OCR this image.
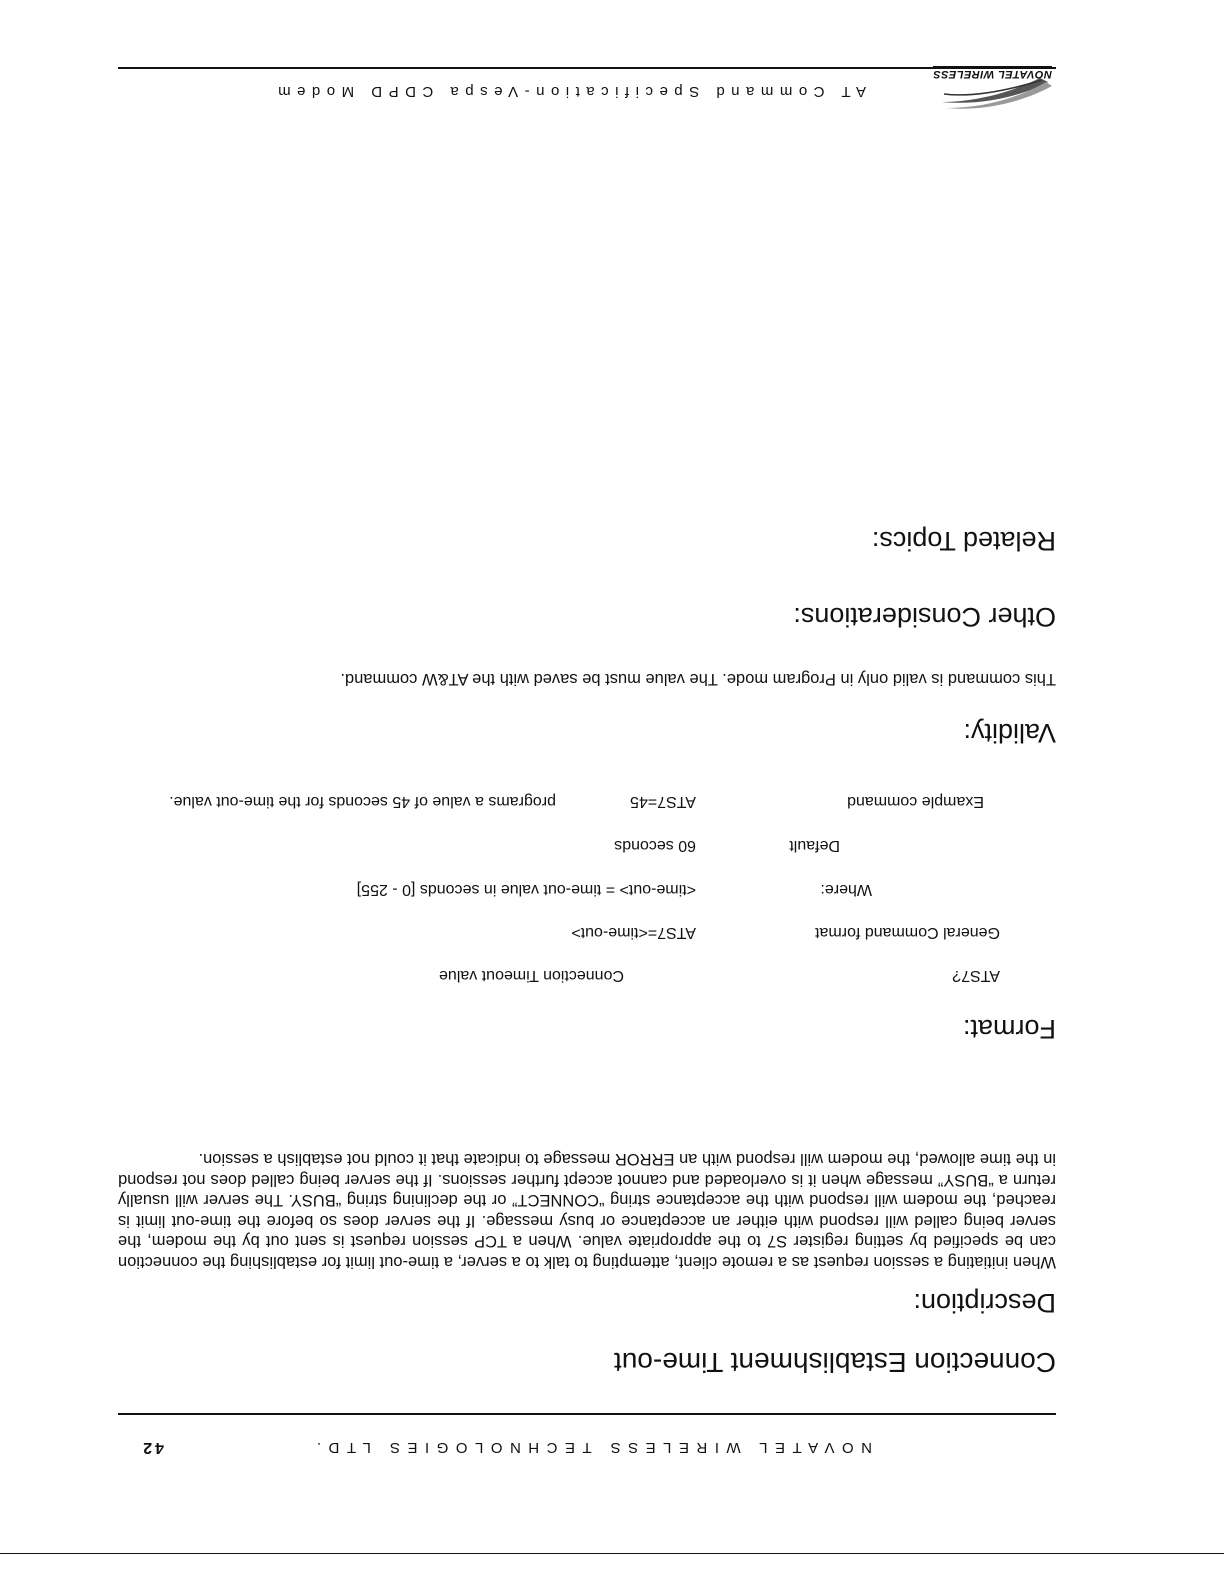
NOVATEL WIRELESS
AT Command Specification-Vespa CDPD Modem
NOVATEL WIRELESS TECHNOLOGIES LTD.
42
Connection Establishment Time-out
Description:
When initiating a session request as a remote client, attempting to talk to a server, a time-out limit for establishing the connection can be specified by setting register S7 to the appropriate value. When a TCP session request is sent out by the modem, the server being called will respond with either an acceptance or busy message. If the server does so before the time-out limit is reached, the modem will respond with the acceptance string “CONNECT” or the declining string “BUSY. The server will usually return a “BUSY” message when it is overloaded and cannot accept further sessions. If the server being called does not respond in the time allowed, the modem will respond with an ERROR message to indicate that it could not establish a session.
Format:
ATS7?
Connection Timeout value
General Command format
ATS7=<time-out>
Where:
<time-out> = time-out value in seconds [0 - 255]
Default
60 seconds
Example command
ATS7=45
programs a value of 45 seconds for the time-out value.
Validity:
This command is valid only in Program mode. The value must be saved with the AT&W command.
Other Considerations:
Related Topics:
